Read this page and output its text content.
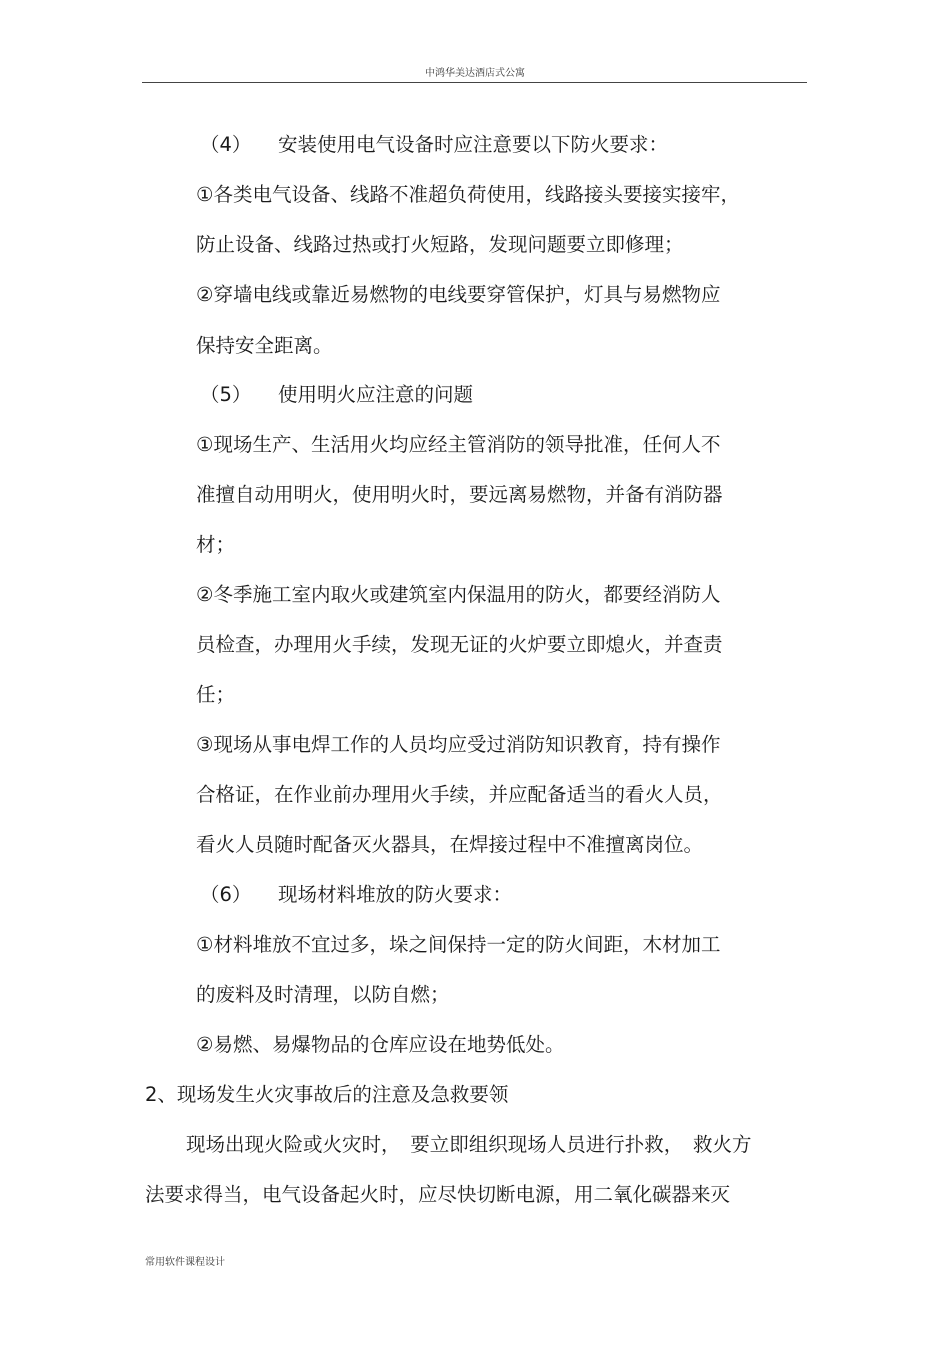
中鸿华美达酒店式公寓
（4） 安装使用电气设备时应注意要以下防火要求：
①各类电气设备、线路不准超负荷使用，线路接头要接实接牢，
防止设备、线路过热或打火短路，发现问题要立即修理；
②穿墙电线或靠近易燃物的电线要穿管保护，灯具与易燃物应
保持安全距离。
（5） 使用明火应注意的问题
①现场生产、生活用火均应经主管消防的领导批准，任何人不
准擅自动用明火，使用明火时，要远离易燃物，并备有消防器
材；
②冬季施工室内取火或建筑室内保温用的防火，都要经消防人
员检查，办理用火手续，发现无证的火炉要立即熄火，并查责
任；
③现场从事电焊工作的人员均应受过消防知识教育，持有操作
合格证，在作业前办理用火手续，并应配备适当的看火人员，
看火人员随时配备灭火器具，在焊接过程中不准擅离岗位。
（6） 现场材料堆放的防火要求：
①材料堆放不宜过多，垛之间保持一定的防火间距，木材加工
的废料及时清理，以防自燃；
②易燃、易爆物品的仓库应设在地势低处。
2、现场发生火灾事故后的注意及急救要领
现场出现火险或火灾时，　要立即组织现场人员进行扑救，　救火方
法要求得当，电气设备起火时，应尽快切断电源，用二氧化碳器来灭
常用软件课程设计
